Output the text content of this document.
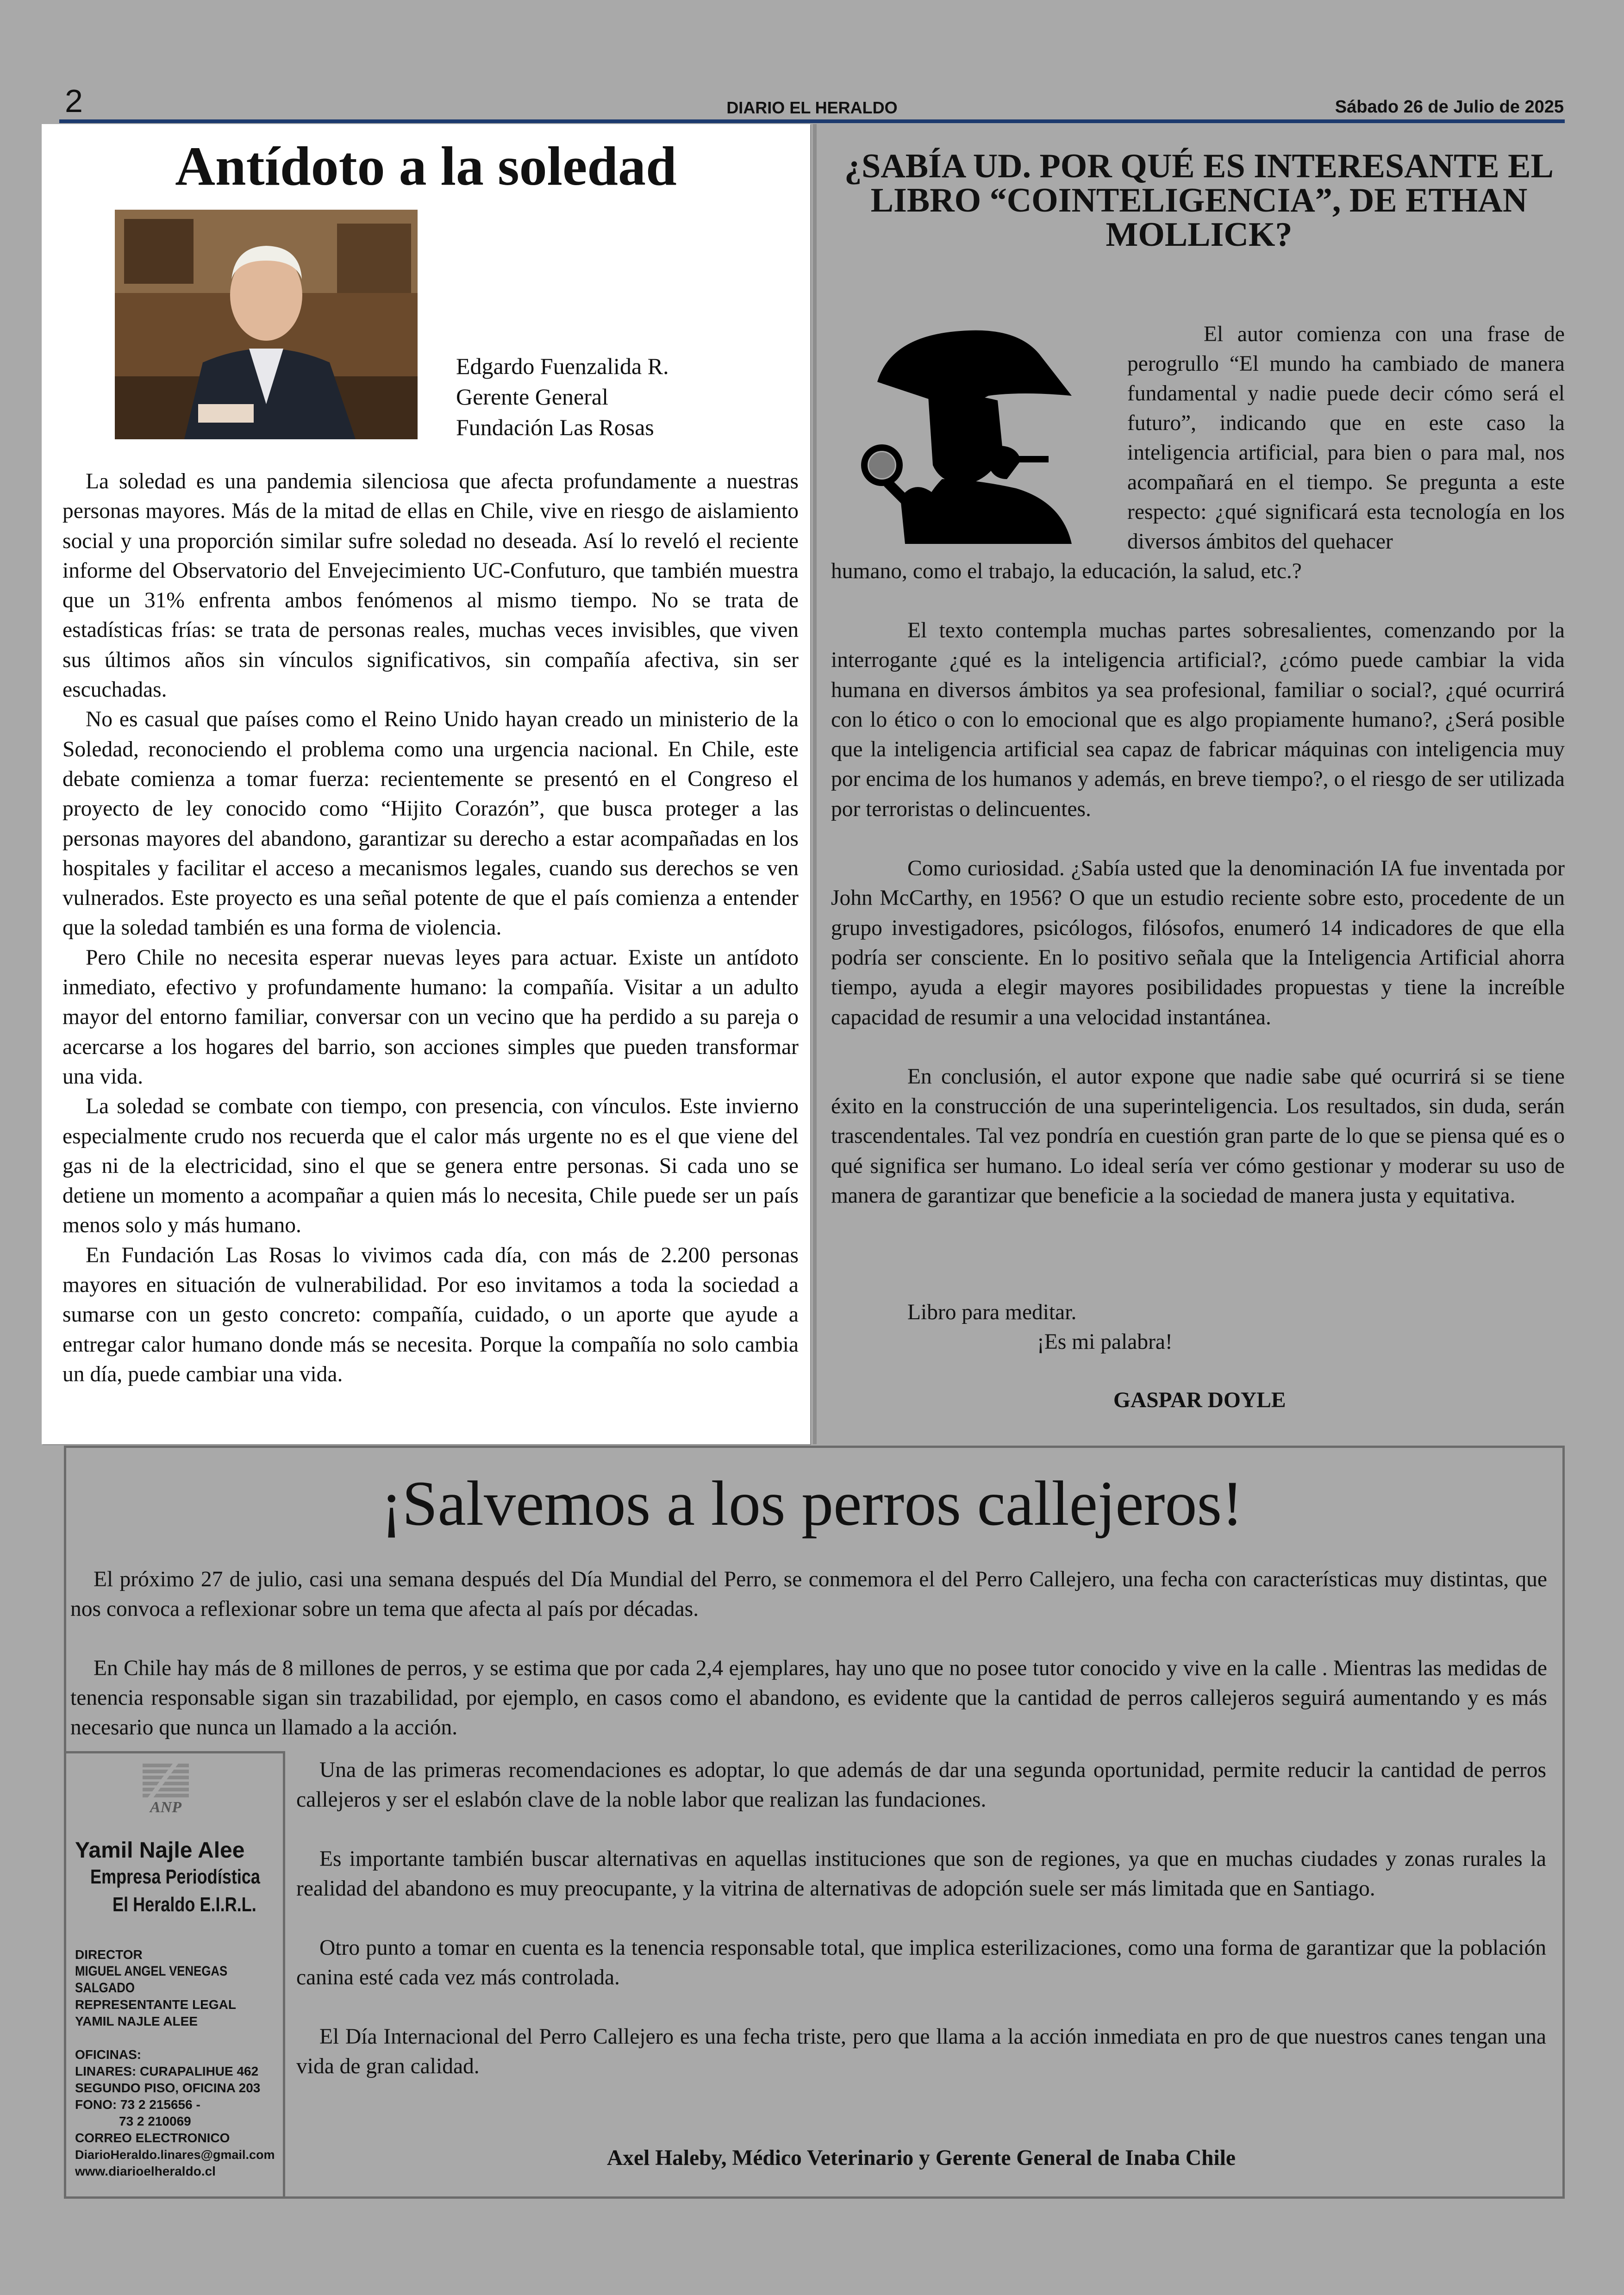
2	DIARIO EL HERALDO	Sábado 26 de Julio de 2025
Antídoto a la soledad
Edgardo Fuenzalida R.
Gerente General
Fundación Las Rosas

La soledad es una pandemia silenciosa que afecta profundamente a nuestras personas mayores. Más de la mitad de ellas en Chile, vive en riesgo de aislamiento social y una proporción similar sufre soledad no deseada. Así lo reveló el reciente informe del Observatorio del Envejecimiento UC-Confuturo, que también muestra que un 31% enfrenta ambos fenómenos al mismo tiempo. No se trata de estadísticas frías: se trata de personas reales, muchas veces invisibles, que viven sus últimos años sin vínculos significativos, sin compañía afectiva, sin ser escuchadas.

No es casual que países como el Reino Unido hayan creado un ministerio de la Soledad, reconociendo el problema como una urgencia nacional. En Chile, este debate comienza a tomar fuerza: recientemente se presentó en el Congreso el proyecto de ley conocido como “Hijito Corazón”, que busca proteger a las personas mayores del abandono, garantizar su derecho a estar acompañadas en los hospitales y facilitar el acceso a mecanismos legales, cuando sus derechos se ven vulnerados. Este proyecto es una señal potente de que el país comienza a entender que la soledad también es una forma de violencia.

Pero Chile no necesita esperar nuevas leyes para actuar. Existe un antídoto inmediato, efectivo y profundamente humano: la compañía. Visitar a un adulto mayor del entorno familiar, conversar con un vecino que ha perdido a su pareja o acercarse a los hogares del barrio, son acciones simples que pueden transformar una vida.

La soledad se combate con tiempo, con presencia, con vínculos. Este invierno especialmente crudo nos recuerda que el calor más urgente no es el que viene del gas ni de la electricidad, sino el que se genera entre personas. Si cada uno se detiene un momento a acompañar a quien más lo necesita, Chile puede ser un país menos solo y más humano.

En Fundación Las Rosas lo vivimos cada día, con más de 2.200 personas mayores en situación de vulnerabilidad. Por eso invitamos a toda la sociedad a sumarse con un gesto concreto: compañía, cuidado, o un aporte que ayude a entregar calor humano donde más se necesita. Porque la compañía no solo cambia un día, puede cambiar una vida.

¿SABÍA UD. POR QUÉ ES INTERESANTE EL LIBRO “COINTELIGENCIA”, DE ETHAN MOLLICK?
El autor comienza con una frase de perogrullo “El mundo ha cambiado de manera fundamental y nadie puede decir cómo será el futuro”, indicando que en este caso la inteligencia artificial, para bien o para mal, nos acompañará en el tiempo. Se pregunta a este respecto: ¿qué significará esta tecnología en los diversos ámbitos del quehacer
humano, como el trabajo, la educación, la salud, etc.?

El texto contempla muchas partes sobresalientes, comenzando por la interrogante ¿qué es la inteligencia artificial?, ¿cómo puede cambiar la vida humana en diversos ámbitos ya sea profesional, familiar o social?, ¿qué ocurrirá con lo ético o con lo emocional que es algo propiamente humano?, ¿Será posible que la inteligencia artificial sea capaz de fabricar máquinas con inteligencia muy por encima de los humanos y además, en breve tiempo?, o el riesgo de ser utilizada por terroristas o delincuentes.

Como curiosidad. ¿Sabía usted que la denominación IA fue inventada por John McCarthy, en 1956? O que un estudio reciente sobre esto, procedente de un grupo investigadores, psicólogos, filósofos, enumeró 14 indicadores de que ella podría ser consciente. En lo positivo señala que la Inteligencia Artificial ahorra tiempo, ayuda a elegir mayores posibilidades propuestas y tiene la increíble capacidad de resumir a una velocidad instantánea.

En conclusión, el autor expone que nadie sabe qué ocurrirá si se tiene éxito en la construcción de una superinteligencia. Los resultados, sin duda, serán trascendentales. Tal vez pondría en cuestión gran parte de lo que se piensa qué es o qué significa ser humano. Lo ideal sería ver cómo gestionar y moderar su uso de manera de garantizar que beneficie a la sociedad de manera justa y equitativa.

Libro para meditar.
¡Es mi palabra!
GASPAR DOYLE
¡Salvemos a los perros callejeros!

El próximo 27 de julio, casi una semana después del Día Mundial del Perro, se conmemora el del Perro Callejero, una fecha con características muy distintas, que nos convoca a reflexionar sobre un tema que afecta al país por décadas.

En Chile hay más de 8 millones de perros, y se estima que por cada 2,4 ejemplares, hay uno que no posee tutor conocido y vive en la calle . Mientras las medidas de tenencia responsable sigan sin trazabilidad, por ejemplo, en casos como el abandono, es evidente que la cantidad de perros callejeros seguirá aumentando y es más necesario que nunca un llamado a la acción.

ANP
Yamil Najle Alee
Empresa Periodística
El Heraldo E.I.R.L.
DIRECTOR
MIGUEL ANGEL VENEGAS SALGADO
REPRESENTANTE LEGAL
YAMIL NAJLE ALEE
OFICINAS:
LINARES: CURAPALIHUE 462
SEGUNDO PISO, OFICINA 203
FONO: 73 2 215656 -
73 2 210069
CORREO ELECTRONICO
DiarioHeraldo.linares@gmail.com
www.diarioelheraldo.cl

Una de las primeras recomendaciones es adoptar, lo que además de dar una segunda oportunidad, permite reducir la cantidad de perros callejeros y ser el eslabón clave de la noble labor que realizan las fundaciones.

Es importante también buscar alternativas en aquellas instituciones que son de regiones, ya que en muchas ciudades y zonas rurales la realidad del abandono es muy preocupante, y la vitrina de alternativas de adopción suele ser más limitada que en Santiago.

Otro punto a tomar en cuenta es la tenencia responsable total, que implica esterilizaciones, como una forma de garantizar que la población canina esté cada vez más controlada.

El Día Internacional del Perro Callejero es una fecha triste, pero que llama a la acción inmediata en pro de que nuestros canes tengan una vida de gran calidad.

Axel Haleby, Médico Veterinario y Gerente General de Inaba Chile
